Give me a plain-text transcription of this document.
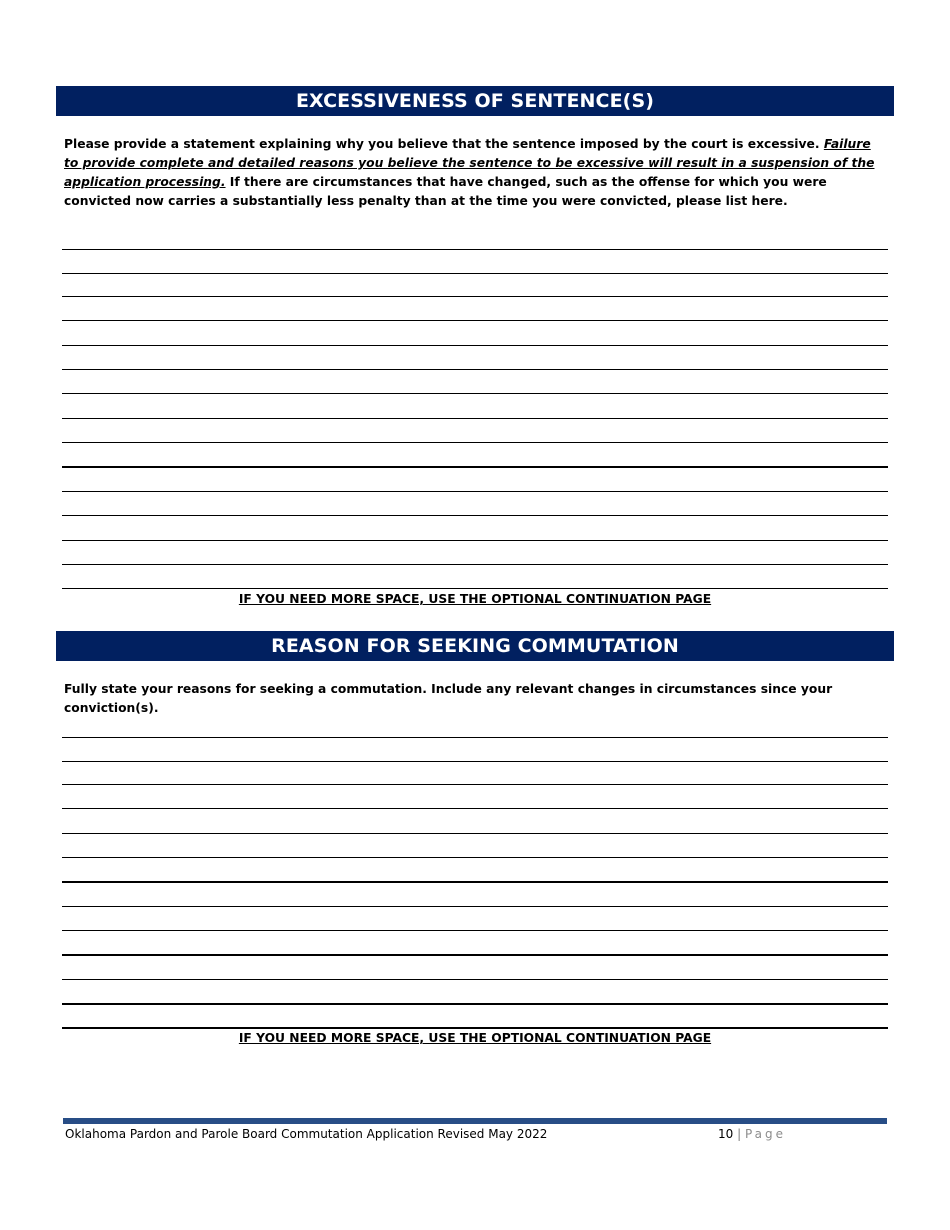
EXCESSIVENESS OF SENTENCE(S)
Please provide a statement explaining why you believe that the sentence imposed by the court is excessive. Failure to provide complete and detailed reasons you believe the sentence to be excessive will result in a suspension of the application processing. If there are circumstances that have changed, such as the offense for which you were convicted now carries a substantially less penalty than at the time you were convicted, please list here.
IF YOU NEED MORE SPACE, USE THE OPTIONAL CONTINUATION PAGE
REASON FOR SEEKING COMMUTATION
Fully state your reasons for seeking a commutation. Include any relevant changes in circumstances since your conviction(s).
IF YOU NEED MORE SPACE, USE THE OPTIONAL CONTINUATION PAGE
Oklahoma Pardon and Parole Board Commutation Application Revised May 2022	10 | Page
